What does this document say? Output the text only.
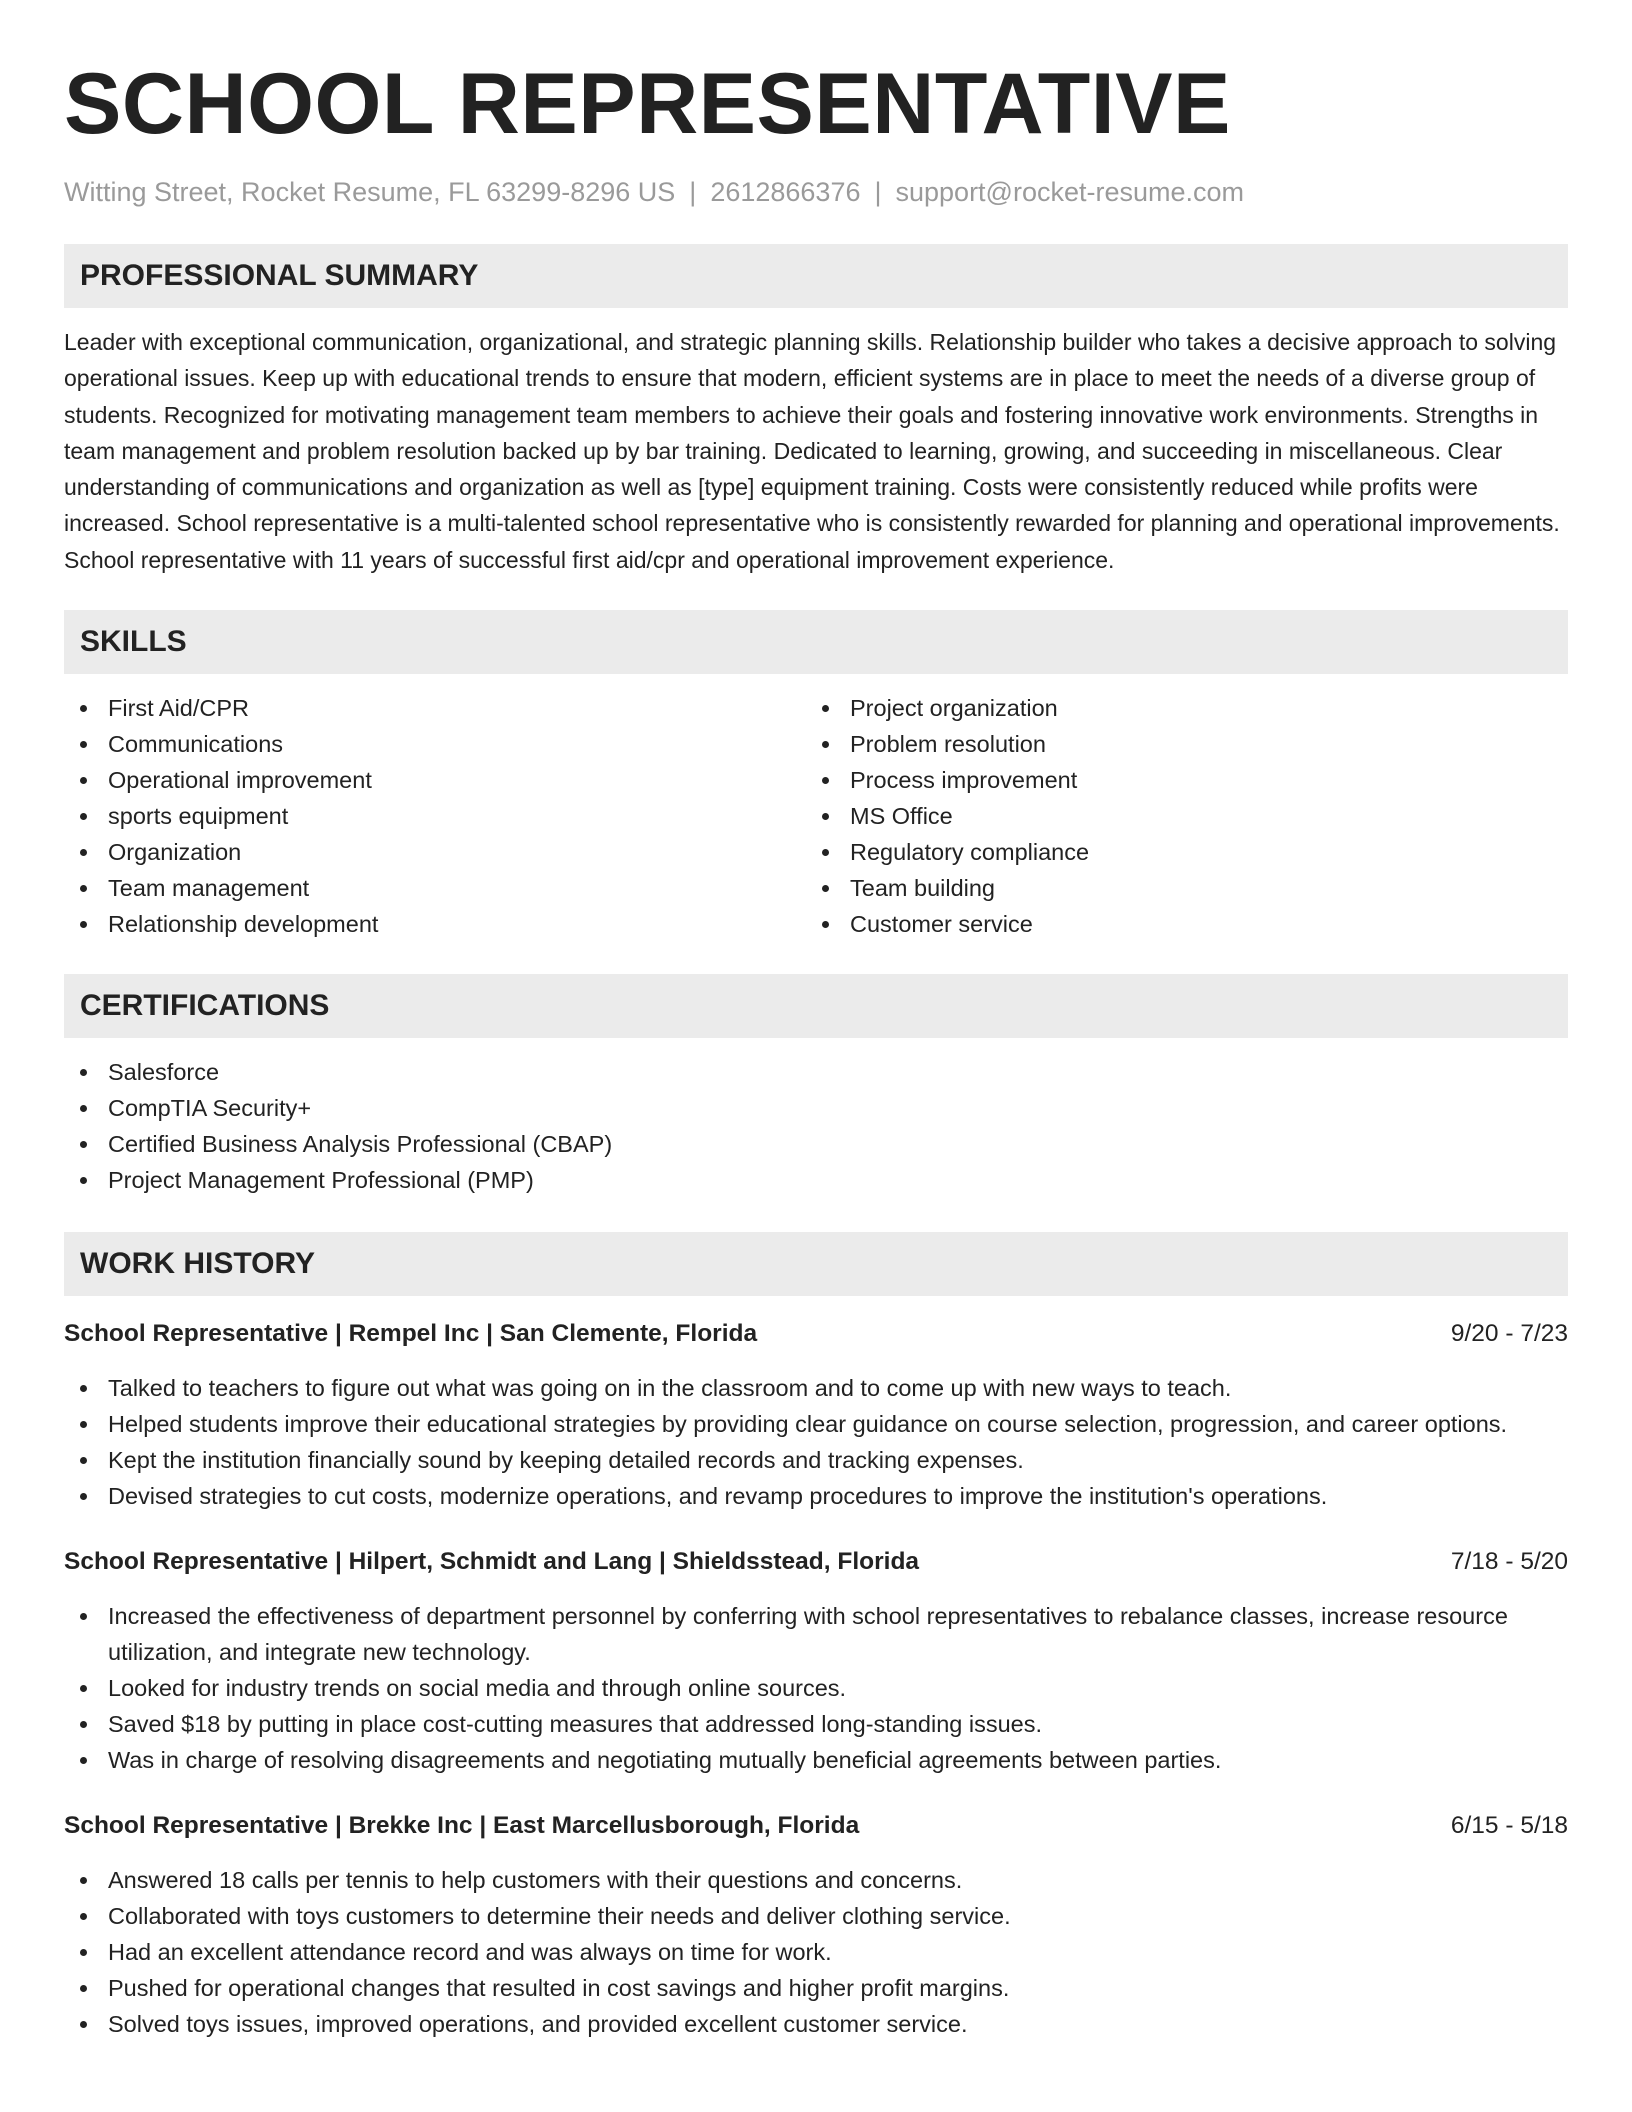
SCHOOL REPRESENTATIVE
Witting Street, Rocket Resume, FL 63299-8296 US | 2612866376 | support@rocket-resume.com
PROFESSIONAL SUMMARY

Leader with exceptional communication, organizational, and strategic planning skills. Relationship builder who takes a decisive approach to solving operational issues. Keep up with educational trends to ensure that modern, efficient systems are in place to meet the needs of a diverse group of students. Recognized for motivating management team members to achieve their goals and fostering innovative work environments. Strengths in team management and problem resolution backed up by bar training. Dedicated to learning, growing, and succeeding in miscellaneous. Clear understanding of communications and organization as well as [type] equipment training. Costs were consistently reduced while profits were increased. School representative is a multi-talented school representative who is consistently rewarded for planning and operational improvements. School representative with 11 years of successful first aid/cpr and operational improvement experience.

SKILLS
First Aid/CPR
Communications
Operational improvement
sports equipment
Organization
Team management
Relationship development
Project organization
Problem resolution
Process improvement
MS Office
Regulatory compliance
Team building
Customer service
CERTIFICATIONS
Salesforce
CompTIA Security+
Certified Business Analysis Professional (CBAP)
Project Management Professional (PMP)
WORK HISTORY
School Representative | Rempel Inc | San Clemente, Florida	9/20 - 7/23
Talked to teachers to figure out what was going on in the classroom and to come up with new ways to teach.
Helped students improve their educational strategies by providing clear guidance on course selection, progression, and career options.
Kept the institution financially sound by keeping detailed records and tracking expenses.
Devised strategies to cut costs, modernize operations, and revamp procedures to improve the institution's operations.
School Representative | Hilpert, Schmidt and Lang | Shieldsstead, Florida	7/18 - 5/20
Increased the effectiveness of department personnel by conferring with school representatives to rebalance classes, increase resource utilization, and integrate new technology.
Looked for industry trends on social media and through online sources.
Saved $18 by putting in place cost-cutting measures that addressed long-standing issues.
Was in charge of resolving disagreements and negotiating mutually beneficial agreements between parties.
School Representative | Brekke Inc | East Marcellusborough, Florida	6/15 - 5/18
Answered 18 calls per tennis to help customers with their questions and concerns.
Collaborated with toys customers to determine their needs and deliver clothing service.
Had an excellent attendance record and was always on time for work.
Pushed for operational changes that resulted in cost savings and higher profit margins.
Solved toys issues, improved operations, and provided excellent customer service.
